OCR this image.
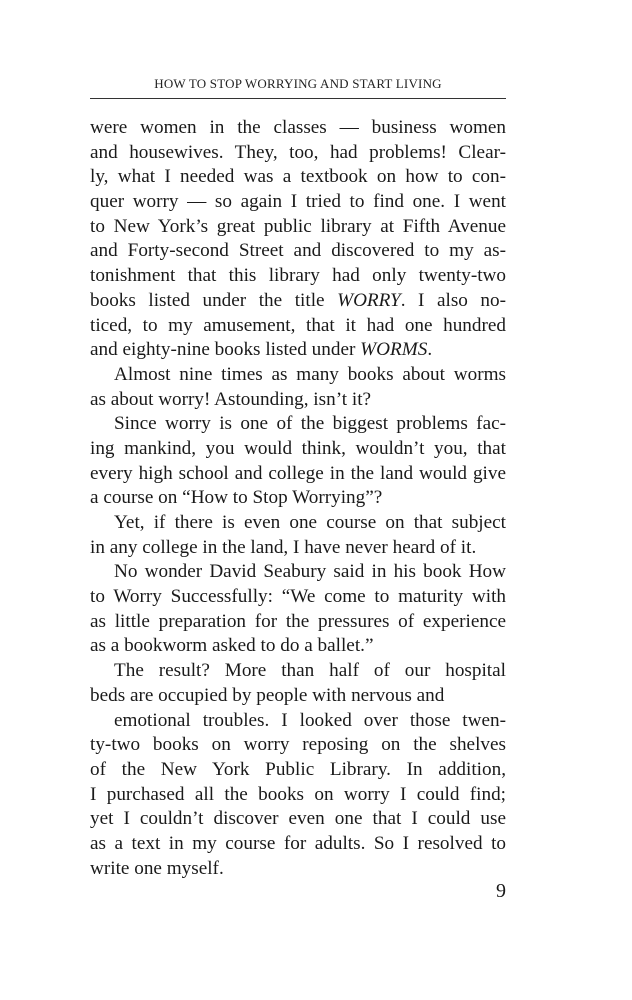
HOW TO STOP WORRYING AND START LIVING
were women in the classes — business women
and housewives. They, too, had problems! Clear-
ly, what I needed was a textbook on how to con-
quer worry — so again I tried to find one. I went
to New York’s great public library at Fifth Avenue
and Forty-second Street and discovered to my as-
tonishment that this library had only twenty-two
books listed under the title WORRY. I also no-
ticed, to my amusement, that it had one hundred
and eighty-nine books listed under WORMS.
Almost nine times as many books about worms
as about worry! Astounding, isn’t it?
Since worry is one of the biggest problems fac-
ing mankind, you would think, wouldn’t you, that
every high school and college in the land would give
a course on “How to Stop Worrying”?
Yet, if there is even one course on that subject
in any college in the land, I have never heard of it.
No wonder David Seabury said in his book How
to Worry Successfully: “We come to maturity with
as little preparation for the pressures of experience
as a bookworm asked to do a ballet.”
The result? More than half of our hospital
beds are occupied by people with nervous and
emotional troubles. I looked over those twen-
ty-two books on worry reposing on the shelves
of the New York Public Library. In addition,
I purchased all the books on worry I could find;
yet I couldn’t discover even one that I could use
as a text in my course for adults. So I resolved to
write one myself.
9
